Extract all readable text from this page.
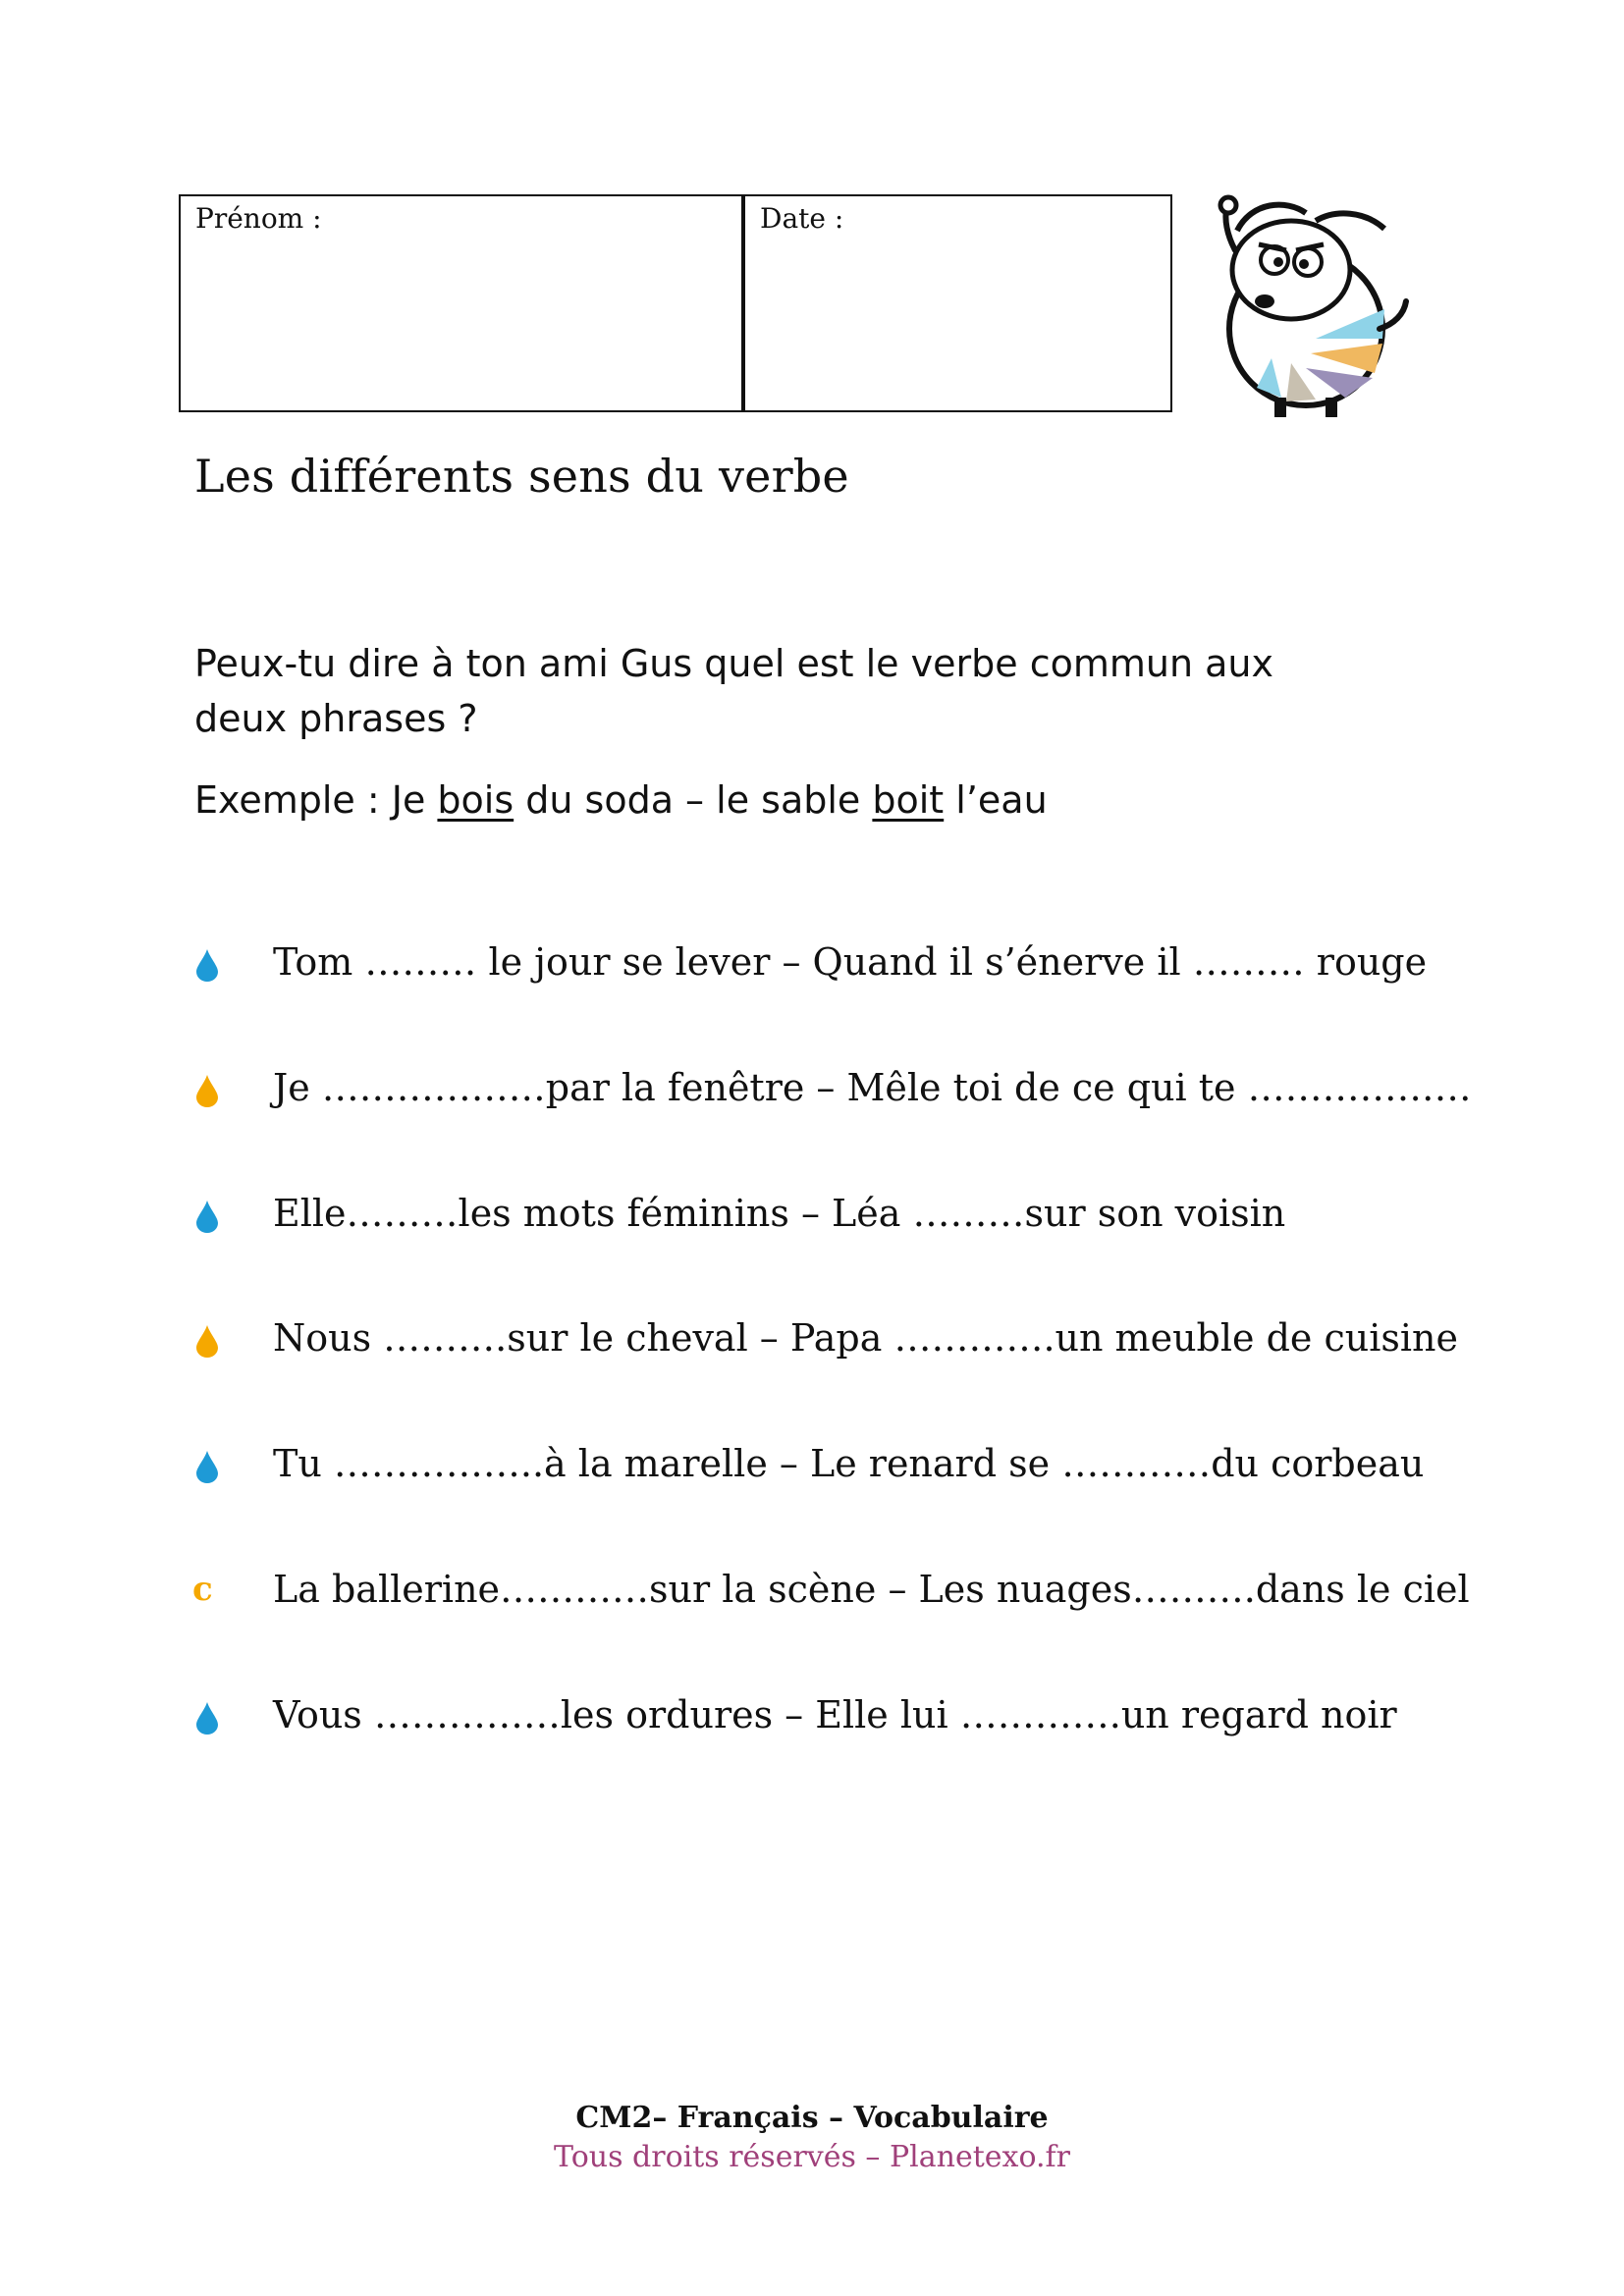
Prénom :	Date :
Les différents sens du verbe

Peux-tu dire à ton ami Gus quel est le verbe commun aux deux phrases ?

Exemple : Je bois du soda – le sable boit l’eau

Tom ……… le jour se lever – Quand il s’énerve il ……… rouge
Je ………………par la fenêtre – Mêle toi de ce qui te ………………
Elle………les mots féminins – Léa ………sur son voisin
Nous ……….sur le cheval – Papa ………….un meuble de cuisine
Tu ……………..à la marelle – Le renard se …………du corbeau
c La ballerine…………sur la scène – Les nuages……….dans le ciel
Vous ……………les ordures – Elle lui ………….un regard noir
CM2– Français – Vocabulaire
Tous droits réservés – Planetexo.fr
